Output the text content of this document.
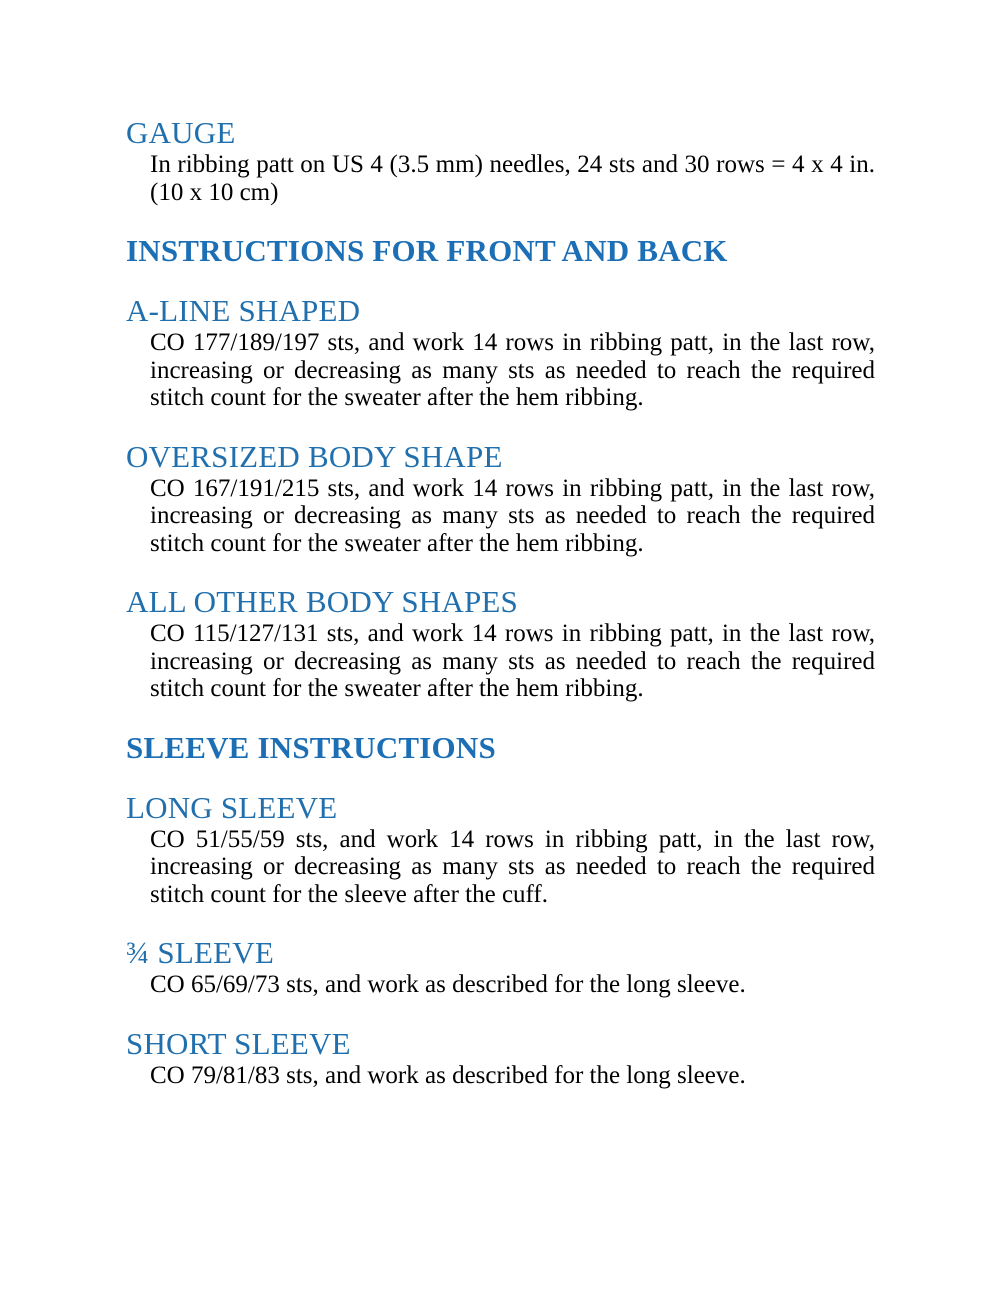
GAUGE

In ribbing patt on US 4 (3.5 mm) needles, 24 sts and 30 rows = 4 x 4 in. (10 x 10 cm)

INSTRUCTIONS FOR FRONT AND BACK
A-LINE SHAPED

CO 177/189/197 sts, and work 14 rows in ribbing patt, in the last row, increasing or decreasing as many sts as needed to reach the required stitch count for the sweater after the hem ribbing.

OVERSIZED BODY SHAPE

CO 167/191/215 sts, and work 14 rows in ribbing patt, in the last row, increasing or decreasing as many sts as needed to reach the required stitch count for the sweater after the hem ribbing.

ALL OTHER BODY SHAPES

CO 115/127/131 sts, and work 14 rows in ribbing patt, in the last row, increasing or decreasing as many sts as needed to reach the required stitch count for the sweater after the hem ribbing.

SLEEVE INSTRUCTIONS
LONG SLEEVE

CO 51/55/59 sts, and work 14 rows in ribbing patt, in the last row, increasing or decreasing as many sts as needed to reach the required stitch count for the sleeve after the cuff.

¾ SLEEVE

CO 65/69/73 sts, and work as described for the long sleeve.

SHORT SLEEVE

CO 79/81/83 sts, and work as described for the long sleeve.
